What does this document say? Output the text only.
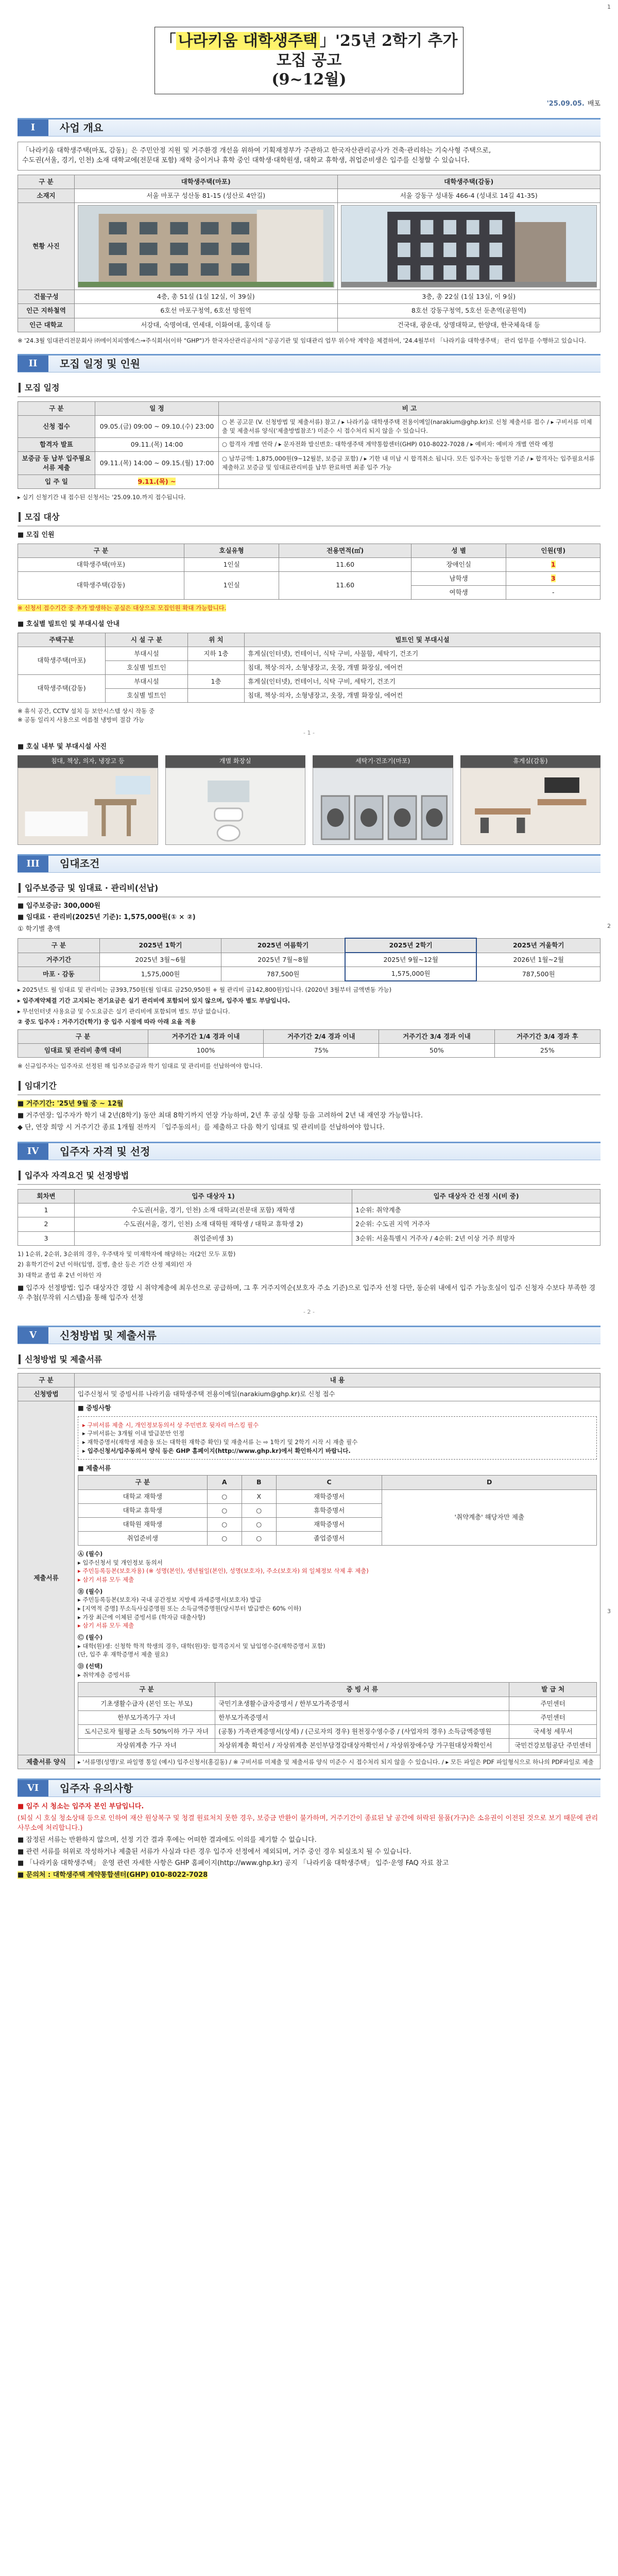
1
「 나라키움 대학생주택 」'25년 2학기 추가모집 공고
(9~12월)
'25.09.05. 배포
I	사업 개요
「나라키움 대학생주택(마포, 감동)」은 주민안정 지원 및 거주환경 개선을 위하여 기획재정부가 주관하고 한국자산관리공사가 건축·관리하는 기숙사형 주택으로,
수도권(서울, 경기, 인천) 소재 대학교에(전문대 포함) 재학 중이거나 휴학 중인 대학생·대학원생, 대학교 휴학생, 취업준비생은 입주를 신청할 수 있습니다.
구 분	대학생주택(마포)	대학생주택(감동)
소재지	서울 마포구 성산동 81-15 (성산로 4안길)	서울 강동구 성내동 466-4 (성내로 14길 41-35)
현황 사진	

건물구성	4층, 총 51실 (1실 12실, 이 39실)	3층, 총 22실 (1실 13실, 이 9실)
인근 지하철역	6호선 마포구청역, 6호선 망원역	8호선 강동구청역, 5호선 둔촌역(공원역)
인근 대학교	서강대, 숙명여대, 연세대, 이화여대, 홍익대 등	건국대, 광운대, 상명대학교, 한양대, 한국체육대 등
※ '24.3월 임대관리전문회사 ㈜에이치피엠에스→주식회사(이하 "GHP")가 한국자산관리공사의 "공공기관 및 임대관리 업무 위수탁 계약을 체결하여, '24.4월부터 「나라키움 대학생주택」 관리 업무를 수행하고 있습니다.
II	모집 일정 및 인원
모집 일정
구 분	일 정	비 고
신청 접수	09.05.(금) 09:00 ~ 09.10.(수) 23:00	○ 본 공고문 (V. 신청방법 및 제출서류) 참고 / ▸ 나라키움 대학생주택 전용이메일(narakium@ghp.kr)로 신청 제출서류 접수 / ▸ 구비서류 미제출 및 제출서류 양식('제출방법참조') 미준수 시 접수처리 되지 않을 수 있습니다.
합격자 발표	09.11.(목) 14:00	○ 합격자 개별 연락 / ▸ 문자전화 발신번호: 대학생주택 계약통합센터(GHP) 010-8022-7028 / ▸ 예비자: 예비자 개별 연락 예정
보증금 등 납부 입주필요서류 제출	09.11.(목) 14:00 ~ 09.15.(월) 17:00	○ 납부금액: 1,875,000원(9~12월분, 보증금 포함) / ▸ 기한 내 미납 시 합격취소 됩니다. 모든 입주자는 동일한 기준 / ▸ 합격자는 입주필요서류 제출하고 보증금 및 임대료관리비를 납부 완료하면 최종 입주 가능
입 주 일	9.11.(목) ~	
▸ 실기 신청기간 내 접수된 신청서는 '25.09.10.까지 접수됩니다.
모집 대상
■ 모집 인원
구 분	호실유형	전용면적(㎡)	성 별	인원(명)
대학생주택(마포)	1인실	11.60	장애인실	1
대학생주택(감동)	1인실	11.60	남학생	3
			여학생	-
※ 신청서 접수기간 중 추가 발생하는 공실은 대상으로 모집인원 확대 가능합니다.
■ 호실별 빌트인 및 부대시설 안내
주택구분	시 설 구 분	위 치	빌트인 및 부대시설
대학생주택(마포)	부대시설	지하 1층	휴게실(인터넷), 컨테이너, 식탁 구비, 사물함, 세탁기, 건조기
	호실별 빌트인		침대, 책상·의자, 소형냉장고, 옷장, 개별 화장실, 에어컨
대학생주택(감동)	부대시설	1층	휴게실(인터넷), 컨테이너, 식탁 구비, 세탁기, 건조기
	호실별 빌트인		침대, 책상·의자, 소형냉장고, 옷장, 개별 화장실, 에어컨
※ 휴식 공간, CCTV 설치 등 보안시스템 상시 작동 중
※ 공동 일리지 사용으로 여름철 냉방비 절감 가능
- 1 -
2
■ 호실 내부 및 부대시설 사진
침대, 책상, 의자, 냉장고 등	개별 화장실	세탁기·건조기(마포)	휴게실(감동)
III	임대조건
입주보증금 및 임대료 · 관리비(선납)
■ 입주보증금: 300,000원
■ 임대료 · 관리비(2025년 기준): 1,575,000원(① × ②)
① 학기별 총액
구 분	2025년 1학기	2025년 여름학기	2025년 2학기	2025년 겨울학기
거주기간	2025년 3월~6월	2025년 7월~8월	2025년 9월~12월	2026년 1월~2월
마포 · 감동	1,575,000원	787,500원	1,575,000원	787,500원
▸ 2025년도 월 임대료 및 관리비는 금393,750원(월 임대료 금250,950원 + 월 관리비 금142,800원)입니다. (2020년 3월부터 금액변동 가능)
▸ 입주계약체결 기간 고지되는 전기요금은 실기 관리비에 포함되어 있지 않으며, 입주자 별도 부담입니다.
▸ 무선인터넷 사용요금 및 수도요금은 실기 관리비에 포함되며 별도 부담 없습니다.
② 중도 입주자 : 거주기간(학기) 중 입주 시점에 따라 아래 요율 적용
구 분	거주기간 1/4 경과 이내	거주기간 2/4 경과 이내	거주기간 3/4 경과 이내	거주기간 3/4 경과 후
임대료 및 관리비 총액 대비	100%	75%	50%	25%
※ 신규입주자는 입주자로 선정된 해 입주보증금과 학기 임대료 및 관리비를 선납하여야 합니다.
임대기간
■ 거주기간: '25년 9월 중 ~ 12월
■ 거주연장: 입주자가 학기 내 2년(8학기) 동안 최대 8학기까지 연장 가능하며, 2년 후 공실 상황 등을 고려하여 2년 내 재연장 가능합니다.
◆ 단, 연장 희망 시 거주기간 종료 1개월 전까지 「입주동의서」를 제출하고 다음 학기 임대료 및 관리비를 선납하여야 합니다.
IV	입주자 자격 및 선정
입주자 자격요건 및 선정방법
회차변	입주 대상자 1)	입주 대상자 간 선정 시(비 중)
1	수도권(서울, 경기, 인천) 소재 대학교(전문대 포함) 재학생	1순위: 취약계층
2	수도권(서울, 경기, 인천) 소재 대학원 재학생 / 대학교 휴학생 2)	2순위: 수도권 지역 거주자
3	취업준비생 3)	3순위: 서울특별시 거주자 / 4순위: 2년 이상 거주 희망자
1) 1순위, 2순위, 3순위의 경우, 우주택자 및 미재학자에 해당하는 자(2인 모두 포함)
2) 휴학기간이 2년 이하(입영, 질병, 출산 등은 기간 산정 제외)인 자
3) 대학교 졸업 후 2년 이하인 자
■ 입주자 선정방법: 입주 대상자간 경합 시 취약계층에 최우선으로 공급하며, 그 후 거주지역순(보호자 주소 기준)으로 입주자 선정 다만, 동순위 내에서 입주 가능호실이 입주 신청자 수보다 부족한 경우 추첨(무작위 시스템)을 통해 입주자 선정
- 2 -
3
V	신청방법 및 제출서류
신청방법 및 제출서류
구 분	내 용
신청방법	입주신청서 및 증빙서류 나라키움 대학생주택 전용이메일(narakium@ghp.kr)로 신청 접수
제출서류	
■ 증빙사항
▸ 구비서류 제출 시, 개인정보동의서 상 주민번호 뒷자리 마스킹 필수
▸ 구비서류는 3개월 이내 발급분만 인정
▸ 재학증명서(재학생 제출용 또는 대학원 재학증 확인) 및 재출서류 는 ⇨ 1학기 및 2학기 시작 시 재출 필수
▸ 입주신청서/입주동의서 양식 등은 GHP 홈페이지(http://www.ghp.kr)에서 확인하시기 바랍니다.
■ 제출서류
구 분	A	B	C	D
대학교 재학생	○	X	재학증명서	'취약계층' 해당자만 제출
대학교 휴학생	○	○	휴학증명서
대학원 재학생	○	○	재학증명서
취업준비생	○	○	졸업증명서
Ⓐ (필수)
▸ 입주신청서 및 개인정보 동의서
▸ 주민등록등본(보호자용) (※ 성명(본인), 생년월일(본인), 성명(보호자), 주소(보호자) 외 일체정보 삭제 후 제출)
▸ 삼기 서류 모두 제출
Ⓑ (필수)
▸ 주민등록등본(보호자) 국내 공간정보 지방세 과세증명서(보호자) 발급
▸ [지역적 증명] 무소득사실증명원 또는 소득금액증명원(당시부터 발급받은 60% 이하)
▸ 가장 최근에 이체된 증빙서류 (학자금 대출사항)
▸ 삼기 서류 모두 제출
Ⓒ (필수)
▸ 대학(원)생: 신청학 학적 학생의 경우, 대학(원)장: 합격증지서 및 납입영수증(재학증명서 포함)
(단, 입주 후 재학증명서 제출 필요)
Ⓓ (선택)
▸ 취약계층 증빙서류
구 분	증 빙 서 류	발 급 처
기초생활수급자 (본인 또는 부모)	국민기초생활수급자증명서 / 한부모가족증명서	주민센터
한부모가족가구 자녀	한부모가족증명서	주민센터
도시근로자 월평균 소득 50%이하 가구 자녀	(공통) 가족관계증명서(상세) / (근로자의 경우) 원천징수영수증 / (사업자의 경우) 소득금액증명원	국세청 세무서
자상위계층 가구 자녀	차상위계층 확인서 / 자상위계층 본인부담경감대상자확인서 / 자상위장애수당 가구원대상자확인서	국민건강보험공단 주민센터

제출서류 양식	▸ '서류명(성명)'로 파일명 통일 (예시) 입주신청서(홍길동) / ※ 구비서류 미제출 및 제출서류 양식 미준수 시 접수처리 되지 않을 수 있습니다. / ▸ 모든 파일은 PDF 파일형식으로 하나의 PDF파일로 제출
VI	입주자 유의사항
■ 입주 시 청소는 입주자 본인 부담입니다.
(퇴실 시 호실 청소상태 등으로 인하여 재산 원상복구 및 청결 원료처치 못한 경우, 보증금 반환이 불가하며, 거주기간이 종료된 날 공간에 허락된 물품(가구)은 소유권이 이전된 것으로 보기 때문에 관리사무소에 처리합니다.)
■ 잠정된 서류는 반환하지 않으며, 선정 기간 결과 후에는 어떠한 결과에도 이의를 제기할 수 없습니다.
■ 관련 서류를 허위로 작성하거나 제출된 서류가 사실과 다른 경우 입주자 선정에서 제외되며, 거주 중인 경우 퇴실조치 될 수 있습니다.
■ 「나라키움 대학생주택」 운영 관련 자세한 사항은 GHP 홈페이지(http://www.ghp.kr) 공지 「나라키움 대학생주택」 입주·운영 FAQ 자료 참고
■ 문의처 : 대학생주택 계약통합센터(GHP) 010-8022-7028
